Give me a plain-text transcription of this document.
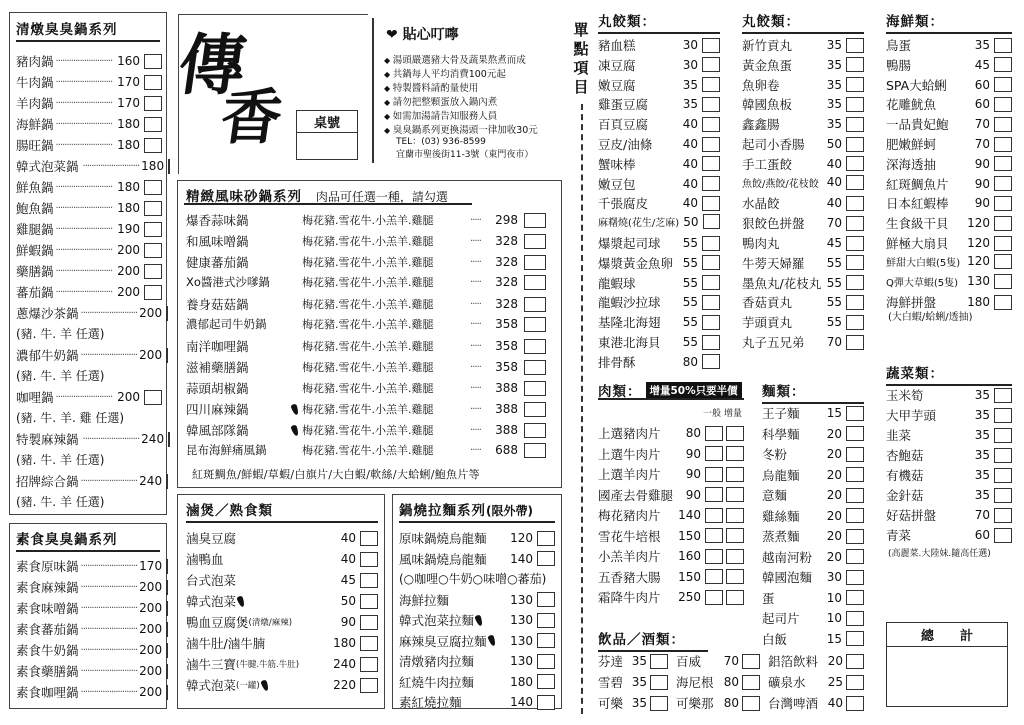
清燉臭臭鍋系列
豬肉鍋 ·························· 160
牛肉鍋 ·························· 170
羊肉鍋 ·························· 170
海鮮鍋 ·························· 180
腸旺鍋 ·························· 180
韓式泡菜鍋 ·························· 180
鮮魚鍋 ·························· 180
鮑魚鍋 ·························· 180
雞腿鍋 ·························· 190
鮮蝦鍋 ·························· 200
藥膳鍋 ·························· 200
蕃茄鍋 ·························· 200
蔥爆沙茶鍋 ·························· 200
(豬. 牛. 羊 任選)
濃郁牛奶鍋 ·························· 200
(豬. 牛. 羊 任選)
咖哩鍋 ·························· 200
(豬. 牛. 羊. 雞 任選)
特製麻辣鍋 ·························· 240
(豬. 牛. 羊 任選)
招牌綜合鍋 ·························· 240
(豬. 牛. 羊 任選)
素食臭臭鍋系列
素食原味鍋 ·························· 170
素食麻辣鍋 ·························· 200
素食味噌鍋 ·························· 200
素食蕃茄鍋 ·························· 200
素食牛奶鍋 ·························· 200
素食藥膳鍋 ·························· 200
素食咖哩鍋 ·························· 200
傳
香	桌號
❤ 貼心叮嚀
◆ 湯頭嚴選豬大骨及蔬果熬煮而成
◆ 共鍋每人平均消費100元起
◆ 特製醬料請酌量使用
◆ 請勿把整顆蛋放入鍋內煮
◆ 如需加湯請告知服務人員
◆ 臭臭鍋系列更換湯頭一律加收30元
TEL：(03) 936-8599
宜蘭市聖後街11-3號（東門夜市）
精緻風味砂鍋系列 肉品可任選一種，請勾選
爆香蒜味鍋	梅花豬.雪花牛.小羔羊.雞腿	·····	298
和風味噌鍋	梅花豬.雪花牛.小羔羊.雞腿	·····	328
健康蕃茄鍋	梅花豬.雪花牛.小羔羊.雞腿	·····	328
Xo醬港式沙嗲鍋	梅花豬.雪花牛.小羔羊.雞腿	·····	328
養身菇菇鍋	梅花豬.雪花牛.小羔羊.雞腿	·····	328
濃郁起司牛奶鍋	梅花豬.雪花牛.小羔羊.雞腿	·····	358
南洋咖哩鍋	梅花豬.雪花牛.小羔羊.雞腿	·····	358
滋補藥膳鍋	梅花豬.雪花牛.小羔羊.雞腿	·····	358
蒜頭胡椒鍋	梅花豬.雪花牛.小羔羊.雞腿	·····	388
四川麻辣鍋	梅花豬.雪花牛.小羔羊.雞腿	·····	388
韓風部隊鍋	梅花豬.雪花牛.小羔羊.雞腿	·····	388
昆布海鮮痛風鍋	梅花豬.雪花牛.小羔羊.雞腿	·····	688
紅斑鯛魚/鮮蝦/草蝦/白旗片/大白蝦/軟絲/大蛤蜊/鮑魚片等
滷煲／熟食類
滷臭豆腐	40
滷鴨血	40
台式泡菜	45
韓式泡菜	50
鴨血豆腐煲 (清燉/麻辣)	90
滷牛肚/滷牛腩	180
滷牛三寶 (牛腱.牛筋.牛肚)	240
韓式泡菜 (一罐)	220
鍋燒拉麵系列(限外帶)
原味鍋燒烏龍麵 120
風味鍋燒烏龍麵 140
(○咖哩○牛奶○味噌○蕃茄)
海鮮拉麵	130
韓式泡菜拉麵	130
麻辣臭豆腐拉麵 130
清燉豬肉拉麵	130
紅燒牛肉拉麵	180
素紅燒拉麵	140
單
點
項
目
丸餃類：
豬血糕	30
凍豆腐	30
嫩豆腐	35
雞蛋豆腐	35
百頁豆腐	40
豆皮/油條	40
蟹味棒	40
嫩豆包	40
千張腐皮	40
麻糬燒(花生/芝麻) 50
爆漿起司球	55
爆漿黃金魚卵 55
龍蝦球	55
龍蝦沙拉球	55
基隆北海翅	55
東港北海貝	55
排骨酥	80
丸餃類：
新竹貢丸	35
黃金魚蛋	35
魚卵卷	35
韓國魚板	35
鑫鑫腸	35
起司小香腸	50
手工蛋餃	40
魚餃/燕餃/花枝餃 40
水晶餃	40
狠餃色拼盤	70
鴨肉丸	45
牛蒡天婦羅	55
墨魚丸/花枝丸 55
香菇貢丸	55
芋頭貢丸	55
丸子五兄弟	70
海鮮類：
鳥蛋	35
鴨腸	45
SPA大蛤蜊	60
花雕魷魚	60
一品貴妃鮑	70
肥嫩鮮蚵	70
深海透抽	90
紅斑鯛魚片	90
日本紅蝦棒	90
生食級干貝 120
鮮極大扇貝 120
鮮甜大白蝦(5隻) 120
Q彈大草蝦(5隻) 130
海鮮拼盤	180
(大白蝦/蛤蜊/透抽)
肉類： 增量50%只要半價
一般 增量
上選豬肉片	80
上選牛肉片	90
上選羊肉片	90
國產去骨雞腿	90
梅花豬肉片 140
雪花牛培根 150
小羔羊肉片 160
五香豬大腸 150
霜降牛肉片 250
麵類：
王子麵	15
科學麵	20
冬粉	20
烏龍麵	20
意麵	20
雞絲麵	20
蒸煮麵	20
越南河粉	20
韓國泡麵	30
蛋	10
起司片	10
白飯	15
蔬菜類：
玉米筍	35
大甲芋頭	35
韭菜	35
杏鮑菇	35
有機菇	35
金針菇	35
好菇拼盤	70
青菜	60
(高麗菜.大陸妹.隨高任選)
飲品／酒類：
芬達 35 百威 70 鋁箔飲料 20
雪碧 35 海尼根 80 礦泉水 25
可樂 35 可樂那 80 台灣啤酒 40
總　　計
